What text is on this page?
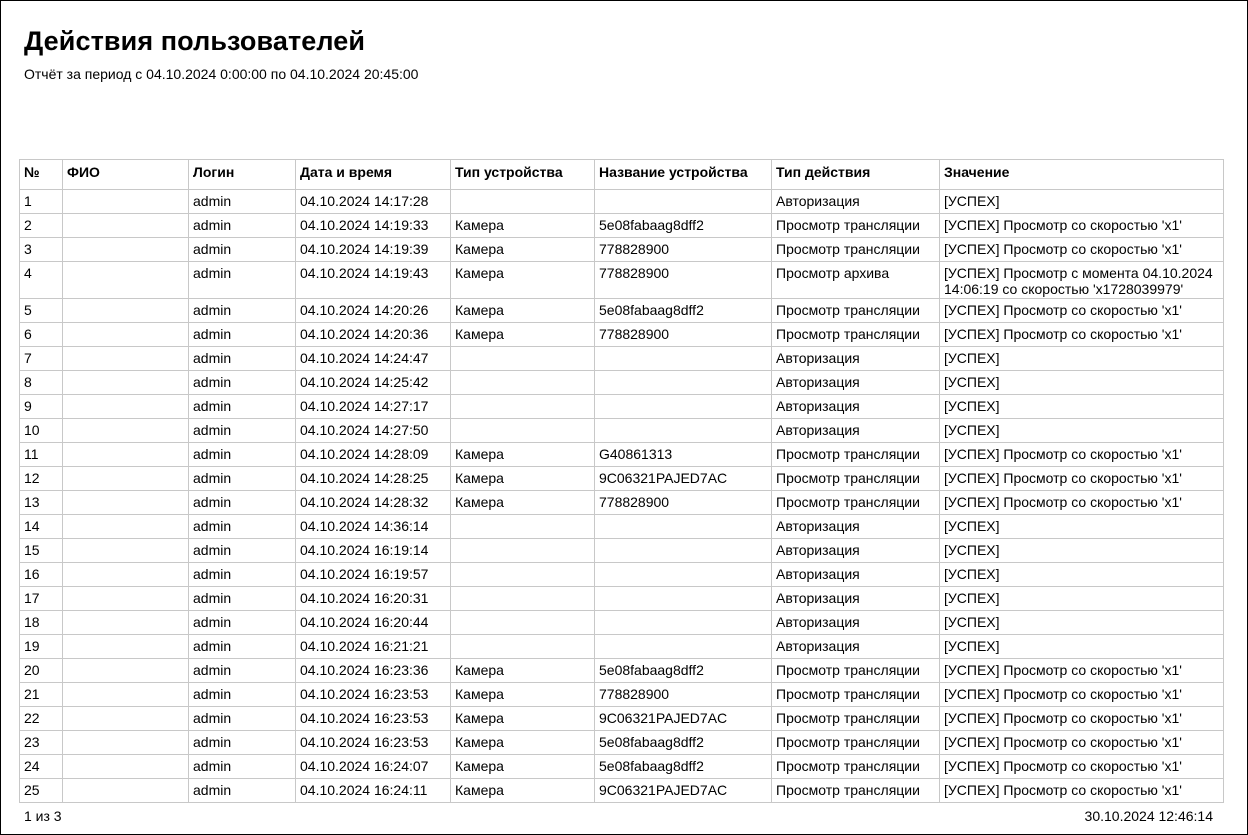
Действия пользователей
Отчёт за период с 04.10.2024 0:00:00 по 04.10.2024 20:45:00
№	ФИО	Логин	Дата и время	Тип устройства	Название устройства	Тип действия	Значение
1		admin	04.10.2024 14:17:28			Авторизация	[УСПЕХ]
2		admin	04.10.2024 14:19:33	Камера	5e08fabaag8dff2	Просмотр трансляции	[УСПЕХ] Просмотр со скоростью 'x1'
3		admin	04.10.2024 14:19:39	Камера	778828900	Просмотр трансляции	[УСПЕХ] Просмотр со скоростью 'x1'
4		admin	04.10.2024 14:19:43	Камера	778828900	Просмотр архива	[УСПЕХ] Просмотр с момента 04.10.2024 14:06:19 со скоростью 'x1728039979'
5		admin	04.10.2024 14:20:26	Камера	5e08fabaag8dff2	Просмотр трансляции	[УСПЕХ] Просмотр со скоростью 'x1'
6		admin	04.10.2024 14:20:36	Камера	778828900	Просмотр трансляции	[УСПЕХ] Просмотр со скоростью 'x1'
7		admin	04.10.2024 14:24:47			Авторизация	[УСПЕХ]
8		admin	04.10.2024 14:25:42			Авторизация	[УСПЕХ]
9		admin	04.10.2024 14:27:17			Авторизация	[УСПЕХ]
10		admin	04.10.2024 14:27:50			Авторизация	[УСПЕХ]
11		admin	04.10.2024 14:28:09	Камера	G40861313	Просмотр трансляции	[УСПЕХ] Просмотр со скоростью 'x1'
12		admin	04.10.2024 14:28:25	Камера	9C06321PAJED7AC	Просмотр трансляции	[УСПЕХ] Просмотр со скоростью 'x1'
13		admin	04.10.2024 14:28:32	Камера	778828900	Просмотр трансляции	[УСПЕХ] Просмотр со скоростью 'x1'
14		admin	04.10.2024 14:36:14			Авторизация	[УСПЕХ]
15		admin	04.10.2024 16:19:14			Авторизация	[УСПЕХ]
16		admin	04.10.2024 16:19:57			Авторизация	[УСПЕХ]
17		admin	04.10.2024 16:20:31			Авторизация	[УСПЕХ]
18		admin	04.10.2024 16:20:44			Авторизация	[УСПЕХ]
19		admin	04.10.2024 16:21:21			Авторизация	[УСПЕХ]
20		admin	04.10.2024 16:23:36	Камера	5e08fabaag8dff2	Просмотр трансляции	[УСПЕХ] Просмотр со скоростью 'x1'
21		admin	04.10.2024 16:23:53	Камера	778828900	Просмотр трансляции	[УСПЕХ] Просмотр со скоростью 'x1'
22		admin	04.10.2024 16:23:53	Камера	9C06321PAJED7AC	Просмотр трансляции	[УСПЕХ] Просмотр со скоростью 'x1'
23		admin	04.10.2024 16:23:53	Камера	5e08fabaag8dff2	Просмотр трансляции	[УСПЕХ] Просмотр со скоростью 'x1'
24		admin	04.10.2024 16:24:07	Камера	5e08fabaag8dff2	Просмотр трансляции	[УСПЕХ] Просмотр со скоростью 'x1'
25		admin	04.10.2024 16:24:11	Камера	9C06321PAJED7AC	Просмотр трансляции	[УСПЕХ] Просмотр со скоростью 'x1'
1 из 3	30.10.2024 12:46:14
